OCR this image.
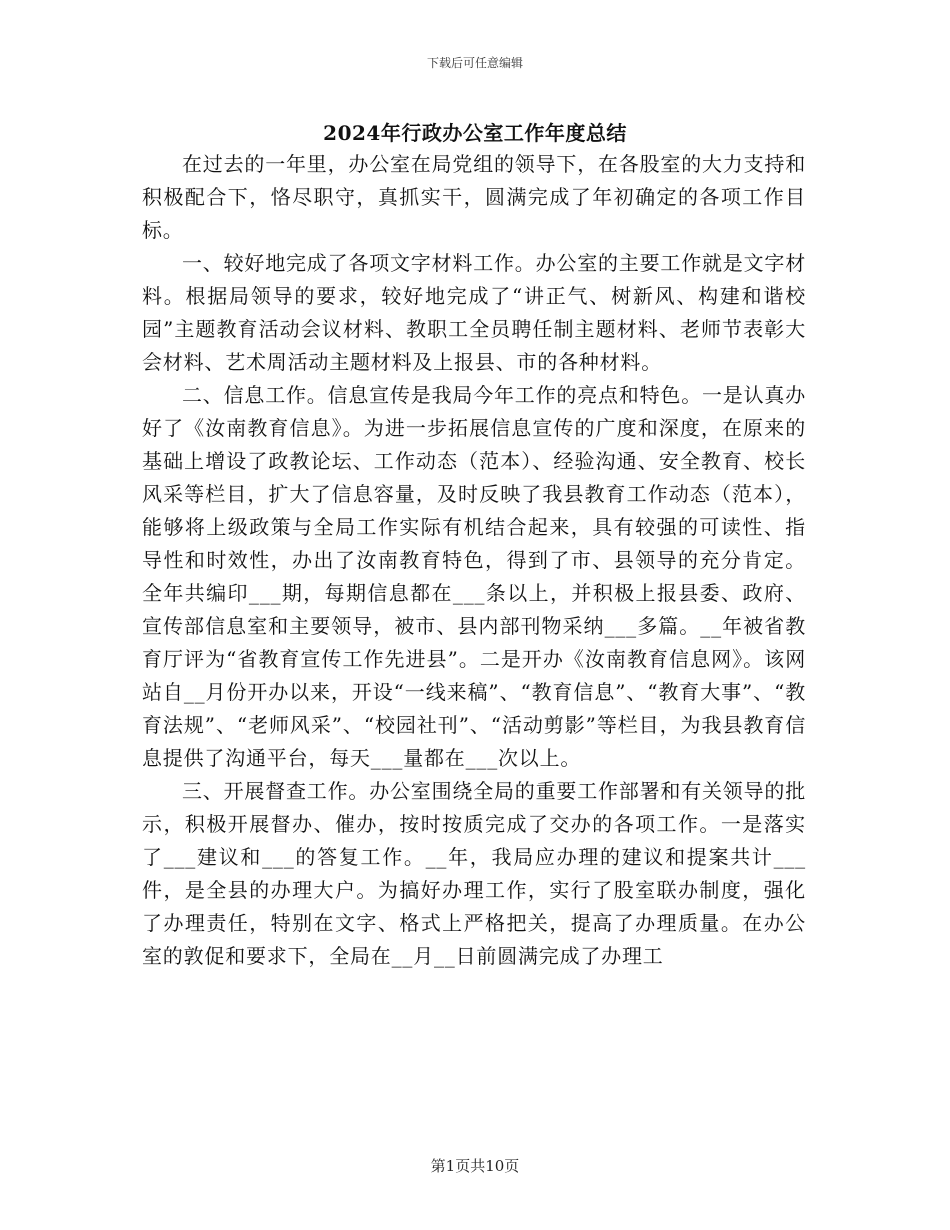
下载后可任意编辑
2024年行政办公室工作年度总结

在过去的一年里，办公室在局党组的领导下，在各股室的大力支持和积极配合下，恪尽职守，真抓实干，圆满完成了年初确定的各项工作目标。

一、较好地完成了各项文字材料工作。办公室的主要工作就是文字材料。根据局领导的要求，较好地完成了“讲正气、树新风、构建和谐校园”主题教育活动会议材料、教职工全员聘任制主题材料、老师节表彰大会材料、艺术周活动主题材料及上报县、市的各种材料。

二、信息工作。信息宣传是我局今年工作的亮点和特色。一是认真办好了《汝南教育信息》。为进一步拓展信息宣传的广度和深度，在原来的基础上增设了政教论坛、工作动态（范本）、经验沟通、安全教育、校长风采等栏目，扩大了信息容量，及时反映了我县教育工作动态（范本），能够将上级政策与全局工作实际有机结合起来，具有较强的可读性、指导性和时效性，办出了汝南教育特色，得到了市、县领导的充分肯定。全年共编印___期，每期信息都在___条以上，并积极上报县委、政府、宣传部信息室和主要领导，被市、县内部刊物采纳___多篇。__年被省教育厅评为“省教育宣传工作先进县”。二是开办《汝南教育信息网》。该网站自__月份开办以来，开设“一线来稿”、“教育信息”、“教育大事”、“教育法规”、“老师风采”、“校园社刊”、“活动剪影”等栏目，为我县教育信息提供了沟通平台，每天___量都在___次以上。

三、开展督查工作。办公室围绕全局的重要工作部署和有关领导的批示，积极开展督办、催办，按时按质完成了交办的各项工作。一是落实了___建议和___的答复工作。__年，我局应办理的建议和提案共计___件，是全县的办理大户。为搞好办理工作，实行了股室联办制度，强化了办理责任，特别在文字、格式上严格把关，提高了办理质量。在办公室的敦促和要求下，全局在__月__日前圆满完成了办理工

第1页共10页
